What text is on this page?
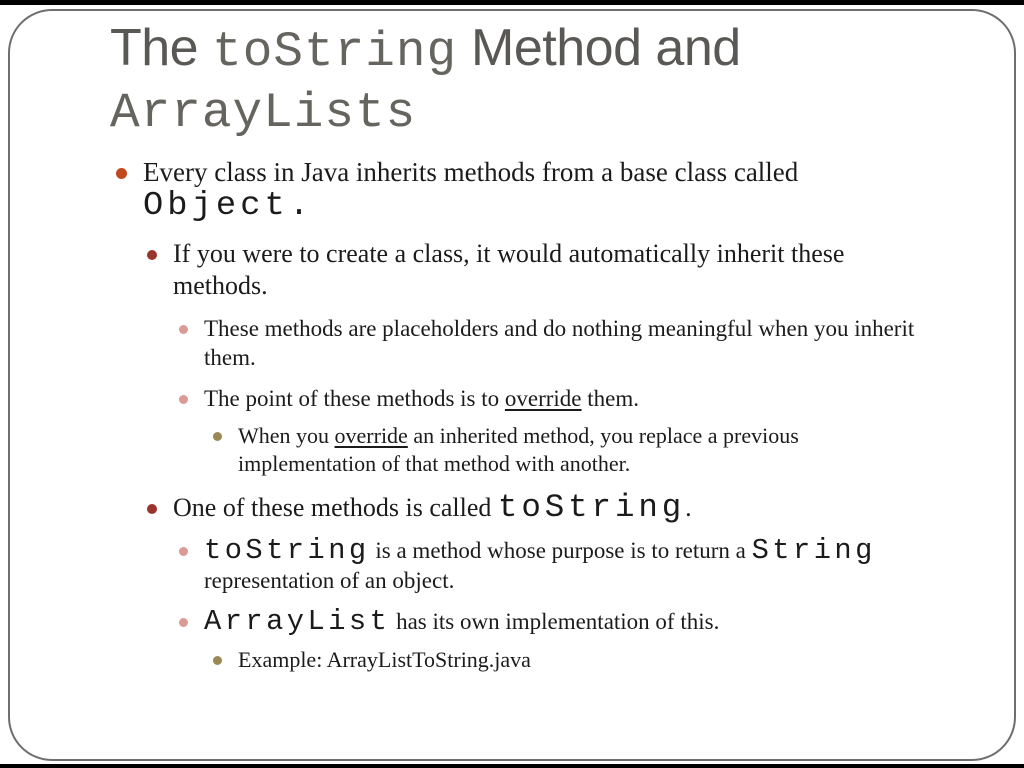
The toString Method and
ArrayLists
Every class in Java inherits methods from a base class called
Object.
If you were to create a class, it would automatically inherit these
methods.
These methods are placeholders and do nothing meaningful when you inherit
them.
The point of these methods is to override them.
When you override an inherited method, you replace a previous
implementation of that method with another.
One of these methods is called toString.
toString is a method whose purpose is to return a String
representation of an object.
ArrayList has its own implementation of this.
Example: ArrayListToString.java
